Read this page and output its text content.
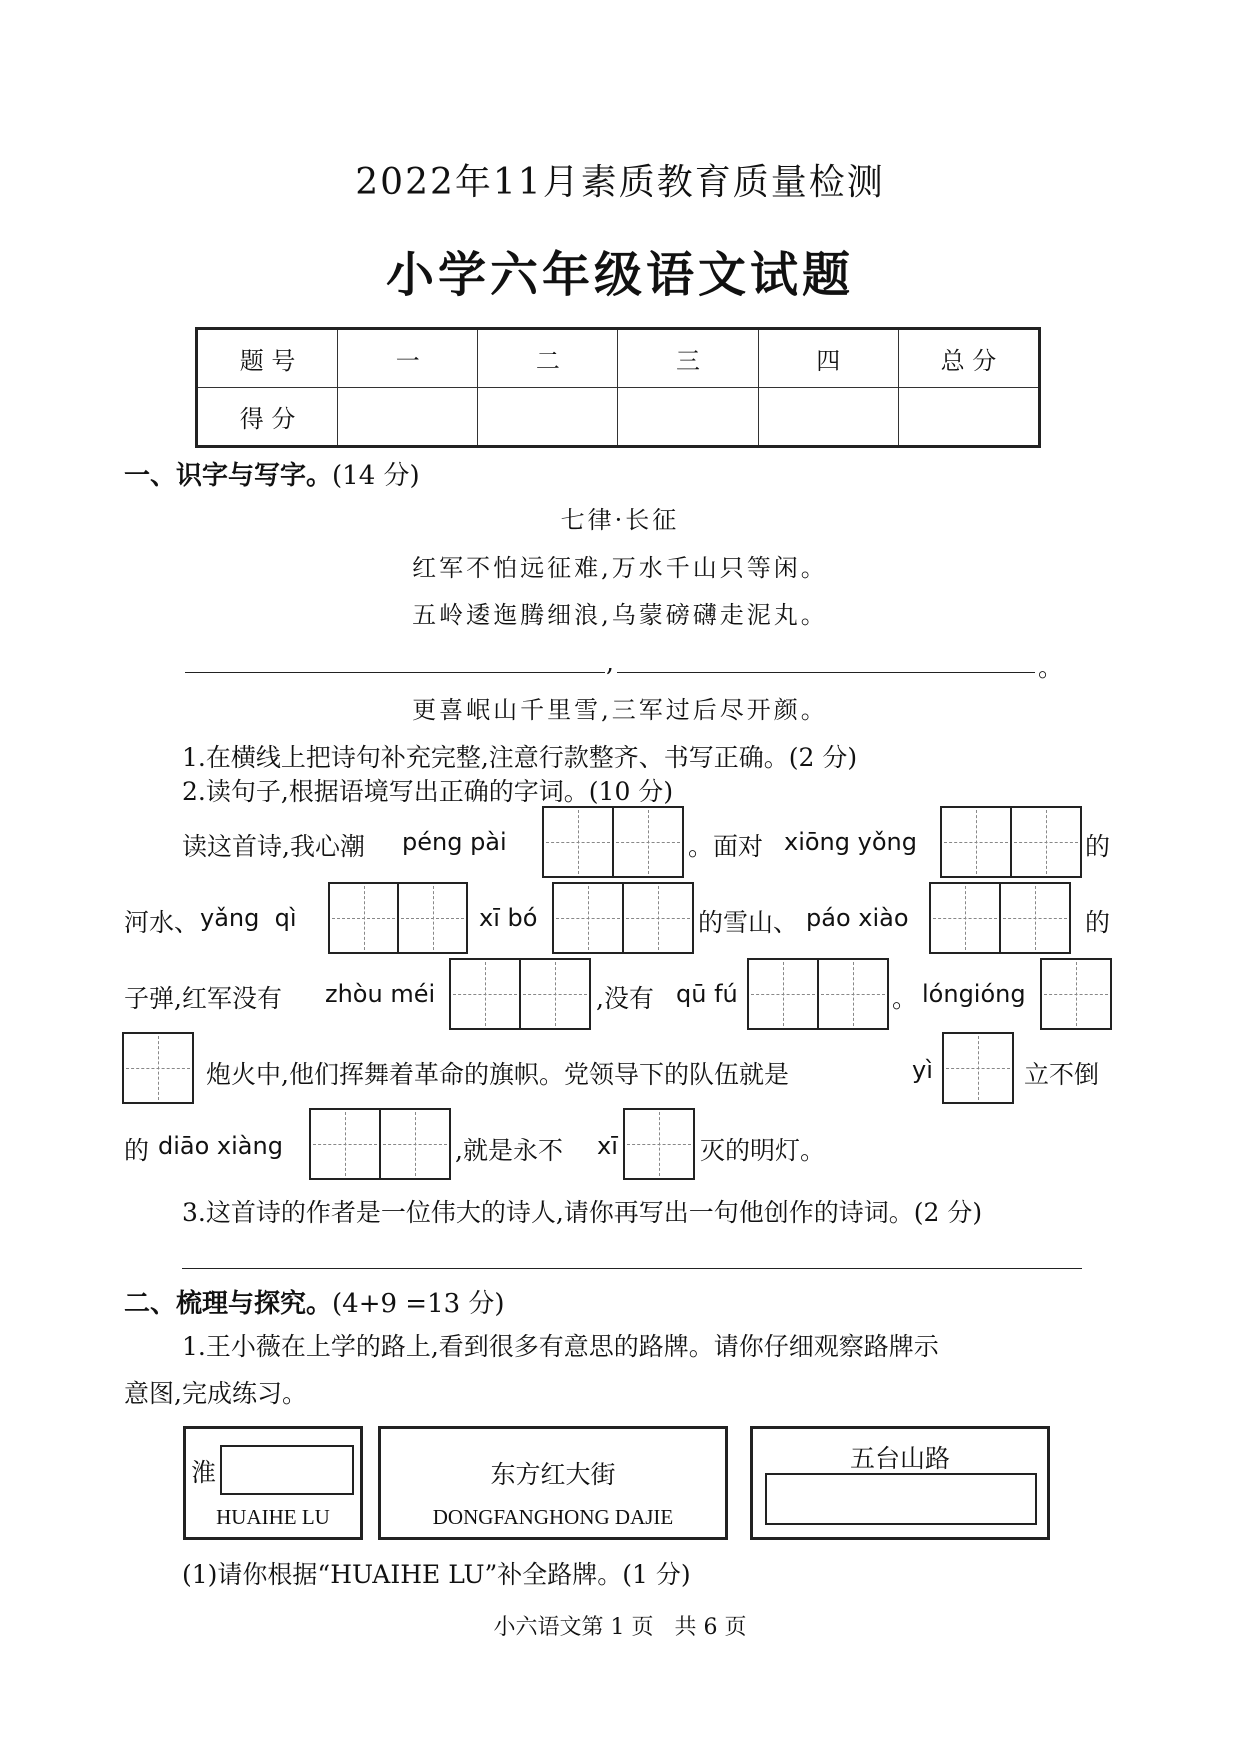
2022年11月素质教育质量检测
小学六年级语文试题
题 号	一	二	三	四	总 分
得 分					
一、识字与写字。(14 分)
七律·长征
红军不怕远征难,万水千山只等闲。
五岭逶迤腾细浪,乌蒙磅礴走泥丸。
,	。
更喜岷山千里雪,三军过后尽开颜。
1.在横线上把诗句补充完整,注意行款整齐、书写正确。(2 分)
2.读句子,根据语境写出正确的字词。(10 分)
读这首诗,我心潮 péng pài	。面对 xiōng yǒng	的
河水、 yǎng  qì	xī bó	的雪山、 páo xiào	的
子弹,红军没有 zhòu méi	,没有 qū fú	。 lóngióng
炮火中,他们挥舞着革命的旗帜。党领导下的队伍就是	yì	立不倒
的 diāo xiàng	,就是永不 xī	灭的明灯。
3.这首诗的作者是一位伟大的诗人,请你再写出一句他创作的诗词。(2 分)
二、梳理与探究。(4+9 =13 分)
1.王小薇在上学的路上,看到很多有意思的路牌。请你仔细观察路牌示
意图,完成练习。
淮
HUAIHE LU
东方红大街
DONGFANGHONG DAJIE
五台山路
(1)请你根据“HUAIHE LU”补全路牌。(1 分)
小六语文第 1 页   共 6 页
